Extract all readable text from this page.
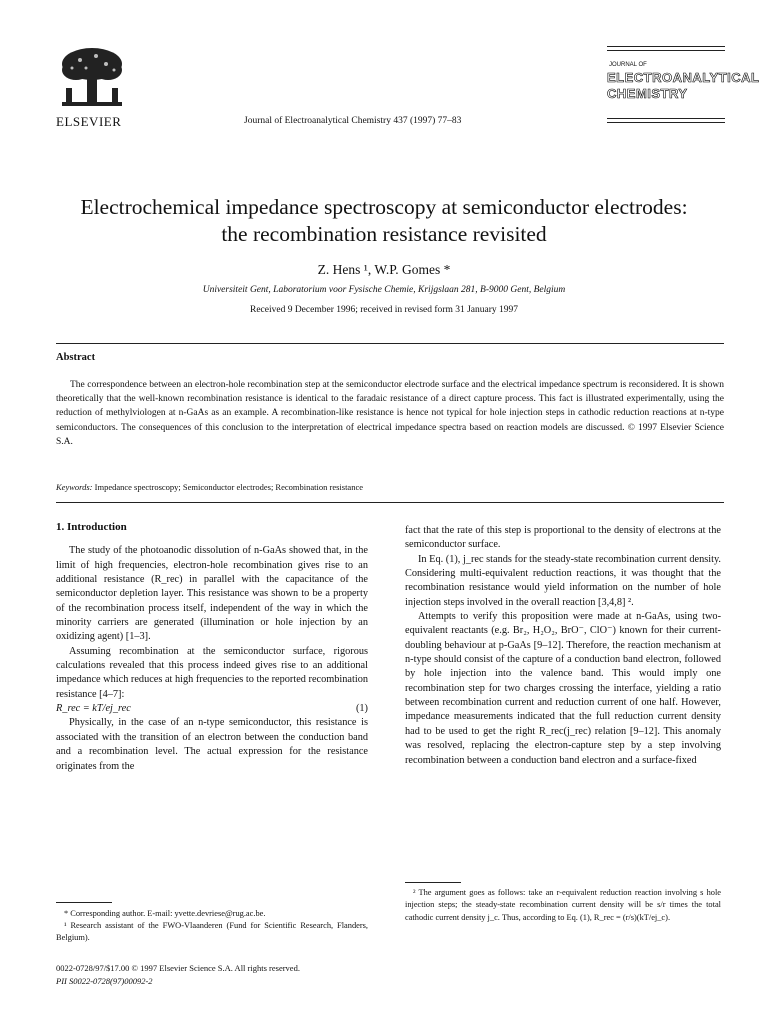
ELSEVIER	Journal of Electroanalytical Chemistry 437 (1997) 77–83
JOURNAL OF
ELECTROANALYTICAL
CHEMISTRY
Electrochemical impedance spectroscopy at semiconductor electrodes:
the recombination resistance revisited
Z. Hens ¹, W.P. Gomes *
Universiteit Gent, Laboratorium voor Fysische Chemie, Krijgslaan 281, B-9000 Gent, Belgium
Received 9 December 1996; received in revised form 31 January 1997
Abstract
The correspondence between an electron-hole recombination step at the semiconductor electrode surface and the electrical impedance spectrum is reconsidered. It is shown theoretically that the well-known recombination resistance is identical to the faradaic resistance of a direct capture process. This fact is illustrated experimentally, using the reduction of methylviologen at n-GaAs as an example. A recombination-like resistance is hence not typical for hole injection steps in cathodic reduction reactions at n-type semiconductors. The consequences of this conclusion to the interpretation of electrical impedance spectra based on reaction models are discussed. © 1997 Elsevier Science S.A.
Keywords: Impedance spectroscopy; Semiconductor electrodes; Recombination resistance
1. Introduction

The study of the photoanodic dissolution of n-GaAs showed that, in the limit of high frequencies, electron-hole recombination gives rise to an additional resistance (R_rec) in parallel with the capacitance of the semiconductor depletion layer. This resistance was shown to be a property of the recombination process itself, independent of the way in which the minority carriers are generated (illumination or hole injection by an oxidizing agent) [1–3].

Assuming recombination at the semiconductor surface, rigorous calculations revealed that this process indeed gives rise to an additional impedance which reduces at high frequencies to the reported recombination resistance [4–7]:

R_rec = kT/ej_rec	(1)

Physically, in the case of an n-type semiconductor, this resistance is associated with the transition of an electron between the conduction band and a recombination level. The actual expression for the resistance originates from the

fact that the rate of this step is proportional to the density of electrons at the semiconductor surface.

In Eq. (1), j_rec stands for the steady-state recombination current density. Considering multi-equivalent reduction reactions, it was thought that the recombination resistance would yield information on the number of hole injection steps involved in the overall reaction [3,4,8] ².

Attempts to verify this proposition were made at n-GaAs, using two-equivalent reactants (e.g. Br₂, H₂O₂, BrO⁻, ClO⁻) known for their current-doubling behaviour at p-GaAs [9–12]. Therefore, the reaction mechanism at n-type should consist of the capture of a conduction band electron, followed by hole injection into the valence band. This would imply one recombination step for two charges crossing the interface, yielding a ratio between recombination current and reduction current of one half. However, impedance measurements indicated that the full reduction current density had to be used to get the right R_rec(j_rec) relation [9–12]. This anomaly was resolved, replacing the electron-capture step by a step involving recombination between a conduction band electron and a surface-fixed

* Corresponding author. E-mail: yvette.devriese@rug.ac.be.

¹ Research assistant of the FWO-Vlaanderen (Fund for Scientific Research, Flanders, Belgium).

0022-0728/97/$17.00 © 1997 Elsevier Science S.A. All rights reserved.
PII S0022-0728(97)00092-2

² The argument goes as follows: take an r-equivalent reduction reaction involving s hole injection steps; the steady-state recombination current density will be s/r times the total cathodic current density j_c. Thus, according to Eq. (1), R_rec = (r/s)(kT/ej_c).
